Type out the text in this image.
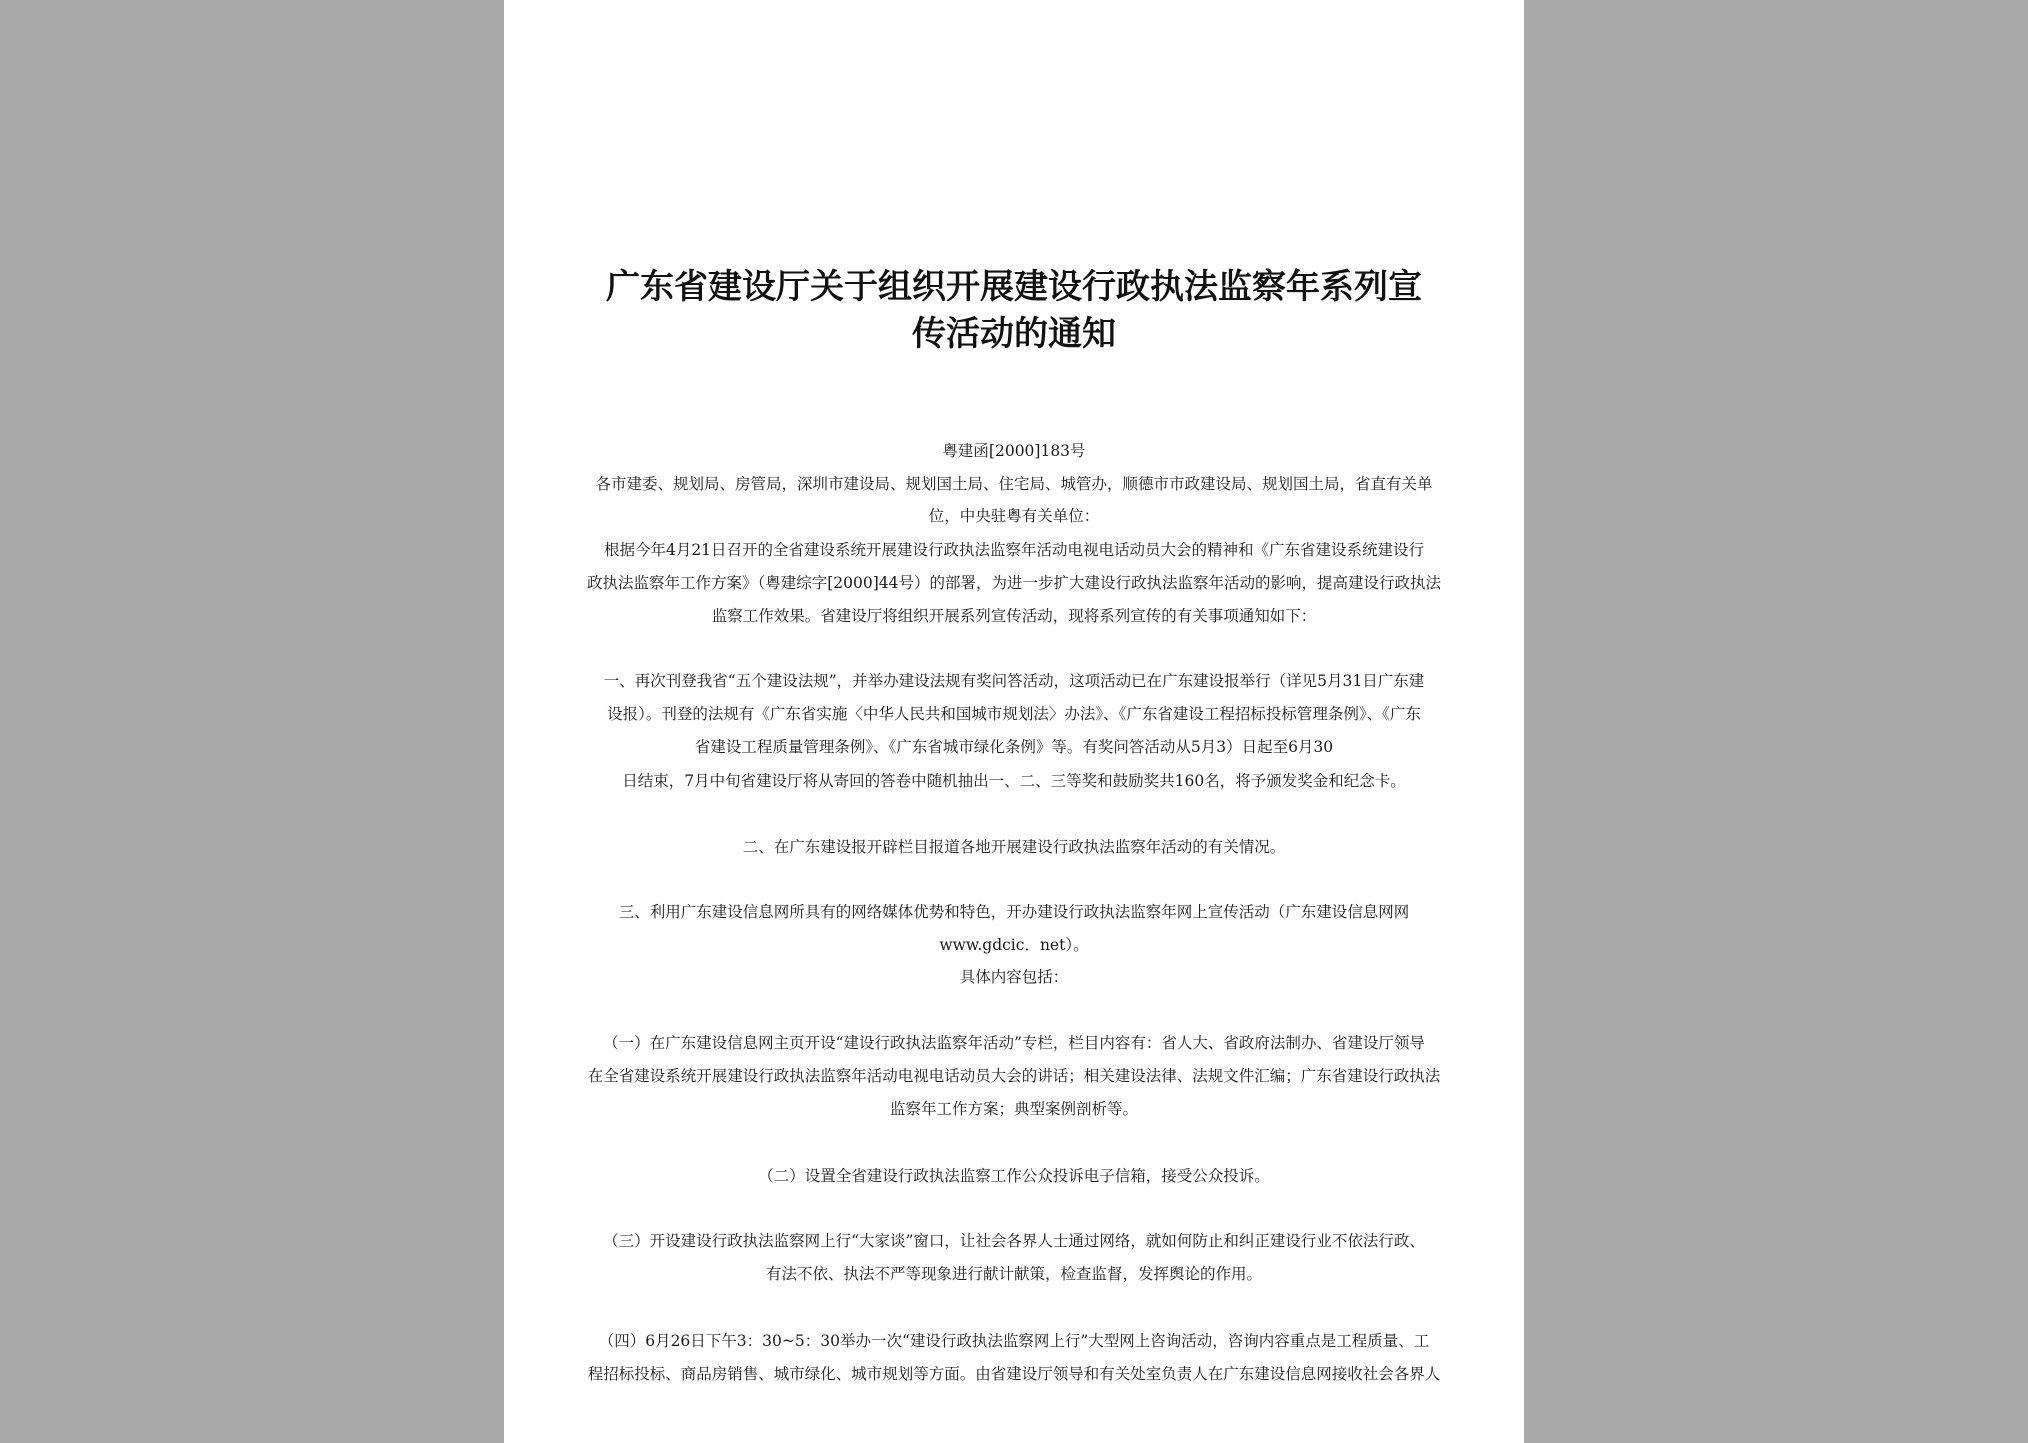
广东省建设厅关于组织开展建设行政执法监察年系列宣
传活动的通知
粤建函[2000]183号
各市建委、规划局、房管局，深圳市建设局、规划国土局、住宅局、城管办，顺德市市政建设局、规划国土局，省直有关单
位，中央驻粤有关单位：
根据今年4月21日召开的全省建设系统开展建设行政执法监察年活动电视电话动员大会的精神和《广东省建设系统建设行
政执法监察年工作方案》（粤建综字[2000]44号）的部署，为进一步扩大建设行政执法监察年活动的影响，提高建设行政执法
监察工作效果。省建设厅将组织开展系列宣传活动，现将系列宣传的有关事项通知如下：
一、再次刊登我省“五个建设法规”，并举办建设法规有奖问答活动，这项活动已在广东建设报举行（详见5月31日广东建
设报）。刊登的法规有《广东省实施〈中华人民共和国城市规划法〉办法》、《广东省建设工程招标投标管理条例》、《广东
省建设工程质量管理条例》、《广东省城市绿化条例》等。有奖问答活动从5月3）日起至6月30
日结束，7月中旬省建设厅将从寄回的答卷中随机抽出一、二、三等奖和鼓励奖共160名，将予颁发奖金和纪念卡。
二、在广东建设报开辟栏目报道各地开展建设行政执法监察年活动的有关情况。
三、利用广东建设信息网所具有的网络媒体优势和特色，开办建设行政执法监察年网上宣传活动（广东建设信息网网
www.gdcic．net）。
具体内容包括：
（一）在广东建设信息网主页开设“建设行政执法监察年活动”专栏，栏目内容有：省人大、省政府法制办、省建设厅领导
在全省建设系统开展建设行政执法监察年活动电视电话动员大会的讲话；相关建设法律、法规文件汇编；广东省建设行政执法
监察年工作方案；典型案例剖析等。
（二）设置全省建设行政执法监察工作公众投诉电子信箱，接受公众投诉。
（三）开设建设行政执法监察网上行“大家谈”窗口，让社会各界人士通过网络，就如何防止和纠正建设行业不依法行政、
有法不依、执法不严等现象进行献计献策，检查监督，发挥舆论的作用。
（四）6月26日下午3：30~5：30举办一次“建设行政执法监察网上行”大型网上咨询活动，咨询内容重点是工程质量、工
程招标投标、商品房销售、城市绿化、城市规划等方面。由省建设厅领导和有关处室负责人在广东建设信息网接收社会各界人
